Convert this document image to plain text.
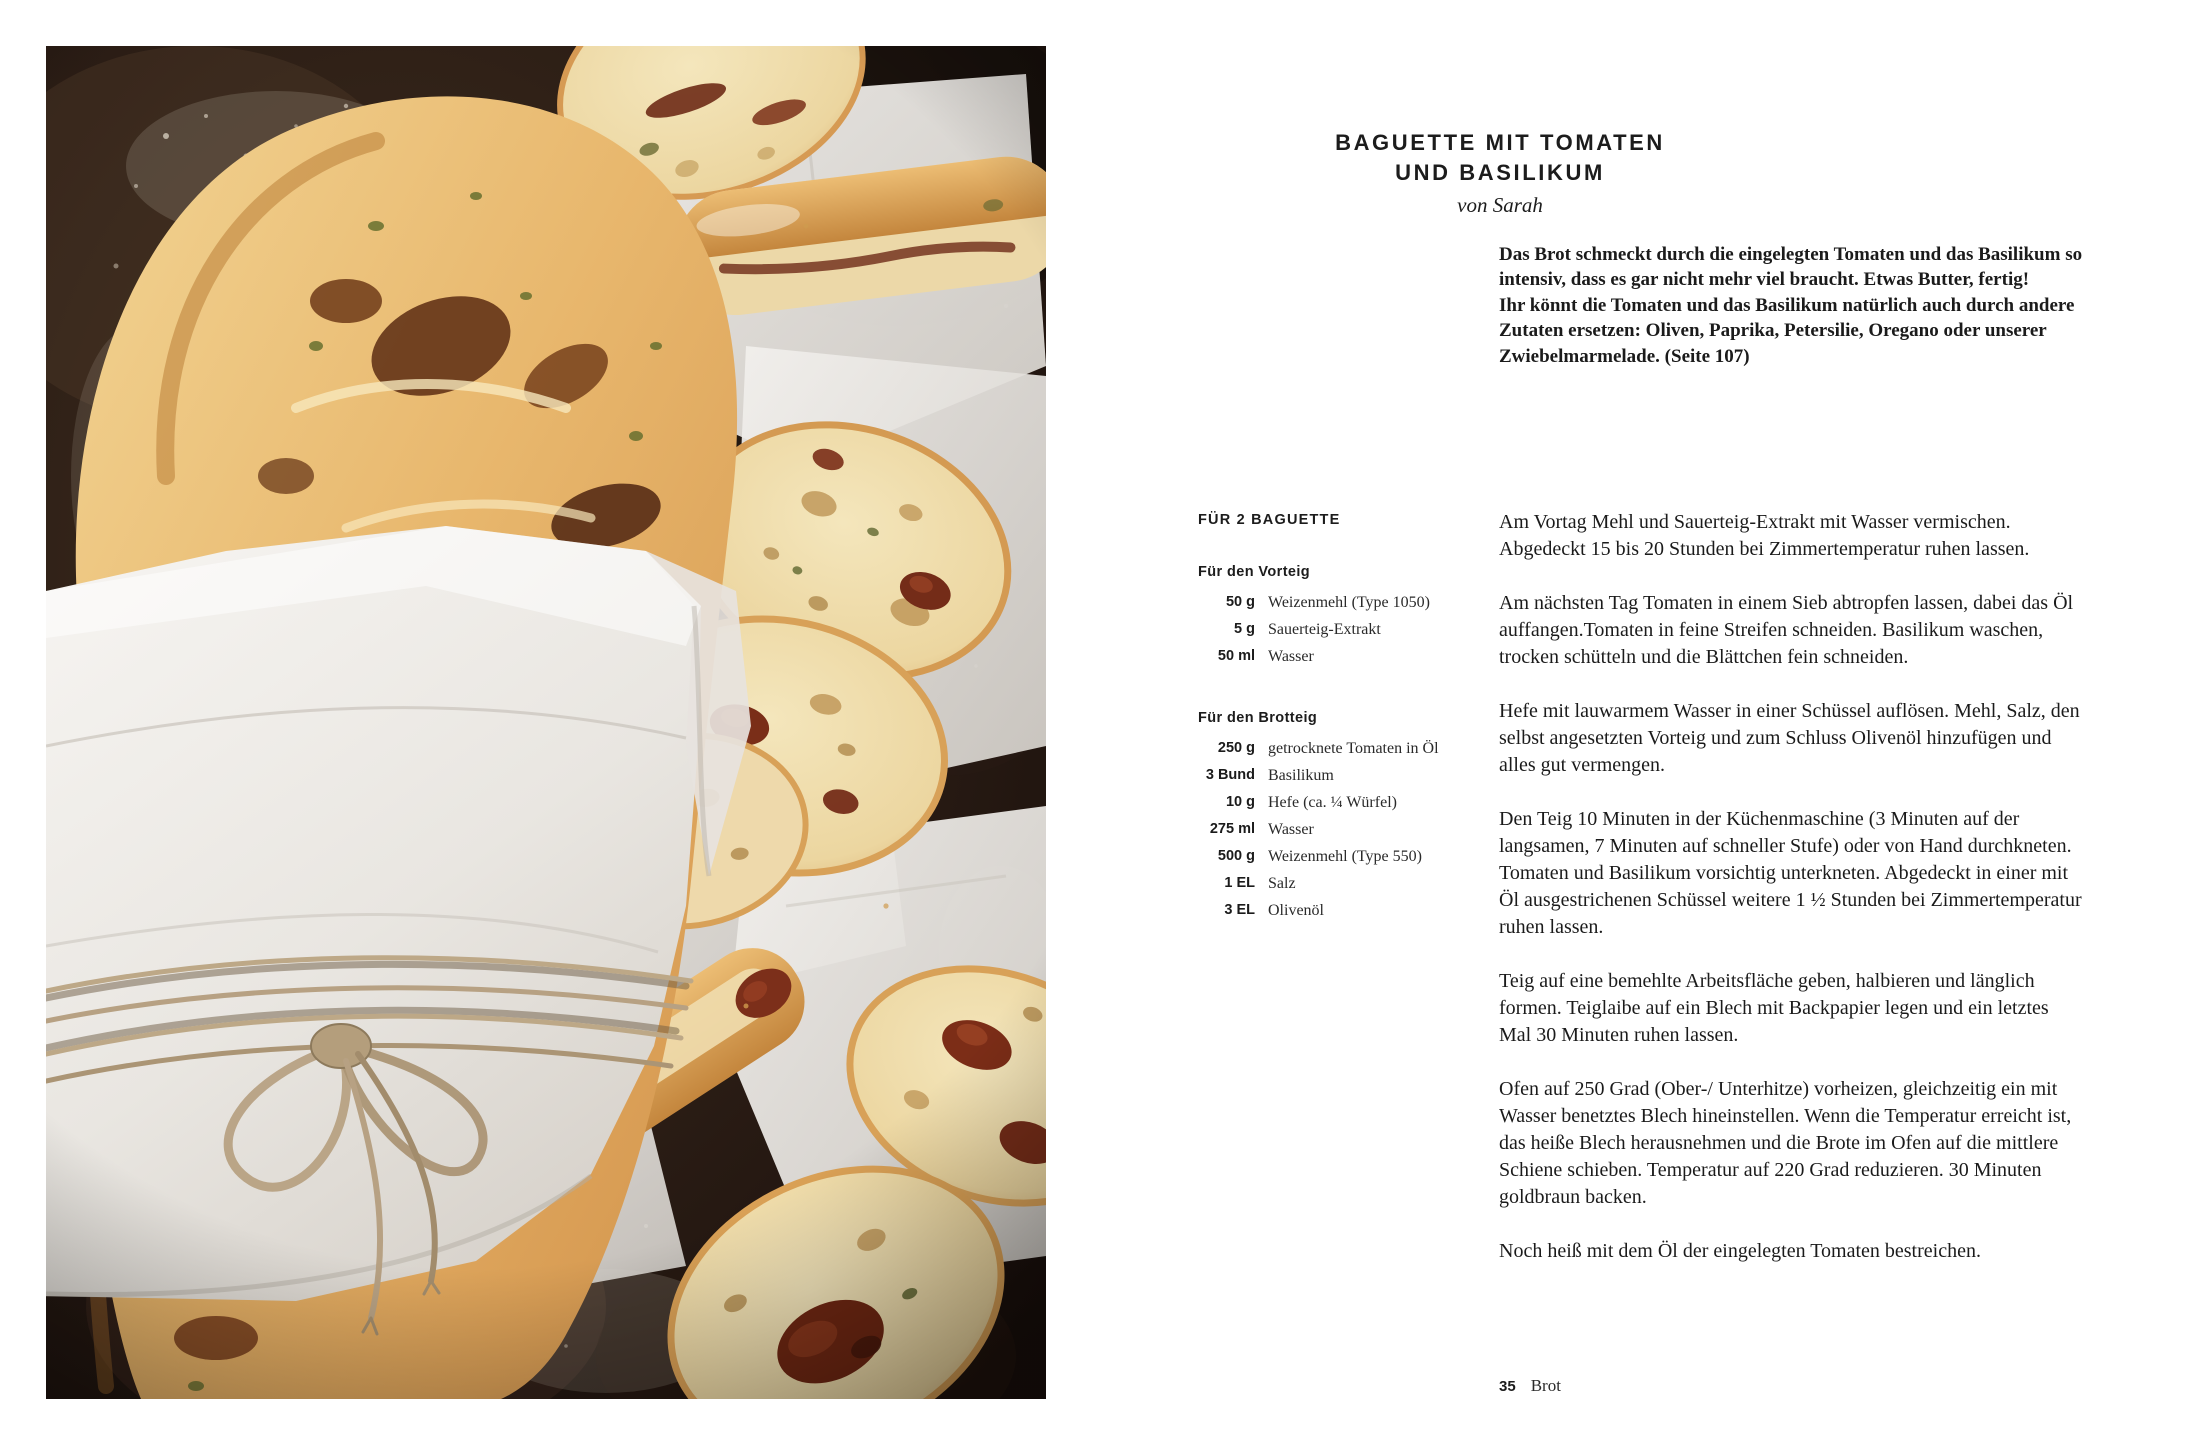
BAGUETTE MIT TOMATEN
UND BASILIKUM

von Sarah

Das Brot schmeckt durch die eingelegten Tomaten und das Basilikum so intensiv, dass es gar nicht mehr viel braucht. Etwas Butter, fertig!

Ihr könnt die Tomaten und das Basilikum natürlich auch durch andere Zutaten ersetzen: Oliven, Paprika, Petersilie, Oregano oder unserer Zwiebelmarmelade. (Seite 107)

FÜR 2 BAGUETTE
Für den Vorteig
50 g Weizenmehl (Type 1050)
5 g Sauerteig-Extrakt
50 ml Wasser
Für den Brotteig
250 g getrocknete Tomaten in Öl
3 Bund Basilikum
10 g Hefe (ca. ¼ Würfel)
275 ml Wasser
500 g Weizenmehl (Type 550)
1 EL Salz
3 EL Olivenöl

Am Vortag Mehl und Sauerteig-Extrakt mit Wasser vermischen. Abgedeckt 15 bis 20 Stunden bei Zimmertemperatur ruhen lassen.

Am nächsten Tag Tomaten in einem Sieb abtropfen lassen, dabei das Öl auffangen.Tomaten in feine Streifen schneiden. Basilikum waschen, trocken schütteln und die Blättchen fein schneiden.

Hefe mit lauwarmem Wasser in einer Schüssel auflösen. Mehl, Salz, den selbst angesetzten Vorteig und zum Schluss Olivenöl hinzufügen und alles gut vermengen.

Den Teig 10 Minuten in der Küchenmaschine (3 Minuten auf der langsamen, 7 Minuten auf schneller Stufe) oder von Hand durchkneten. Tomaten und Basilikum vorsichtig unterkneten. Abgedeckt in einer mit Öl ausgestrichenen Schüssel weitere 1 ½ Stunden bei Zimmertemperatur ruhen lassen.

Teig auf eine bemehlte Arbeitsfläche geben, halbieren und länglich formen. Teiglaibe auf ein Blech mit Backpapier legen und ein letztes Mal 30 Minuten ruhen lassen.

Ofen auf 250 Grad (Ober-/ Unterhitze) vorheizen, gleichzeitig ein mit Wasser benetztes Blech hineinstellen. Wenn die Temperatur erreicht ist, das heiße Blech herausnehmen und die Brote im Ofen auf die mittlere Schiene schieben. Temperatur auf 220 Grad reduzieren. 30 Minuten goldbraun backen.

Noch heiß mit dem Öl der eingelegten Tomaten bestreichen.

35 Brot
